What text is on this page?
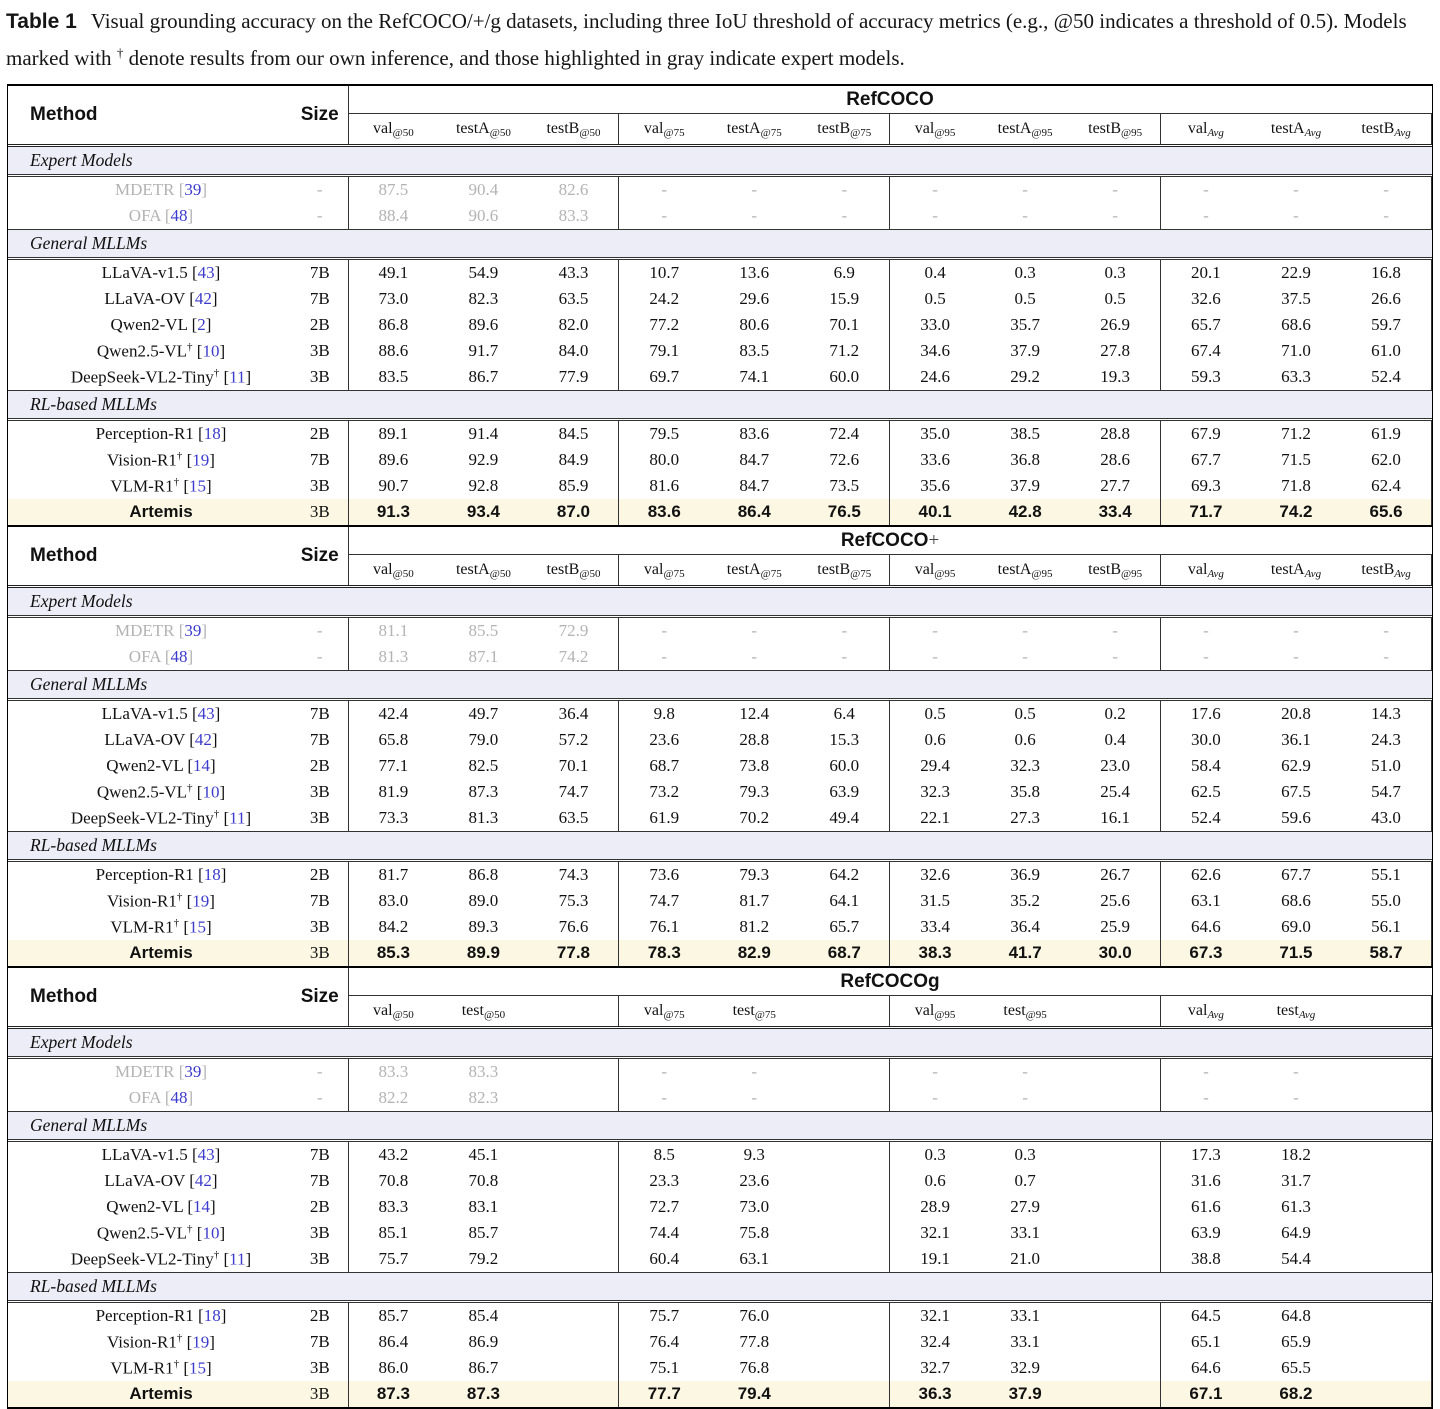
Table 1 Visual grounding accuracy on the RefCOCO/+/g datasets, including three IoU threshold of accuracy metrics (e.g., @50 indicates a threshold of 0.5). Models marked with † denote results from our own inference, and those highlighted in gray indicate expert models.
Method	Size	RefCOCO											
		val$_{@50}$	testA$_{@50}$	testB$_{@50}$	val$_{@75}$	testA$_{@75}$	testB$_{@75}$	val$_{@95}$	testA$_{@95}$	testB$_{@95}$	val$_{Avg}$	testA$_{Avg}$	testB$_{Avg}$
Expert Models													
MDETR [39]	-	87.5	90.4	82.6	-	-	-	-	-	-	-	-	-
OFA [48]	-	88.4	90.6	83.3	-	-	-	-	-	-	-	-	-
General MLLMs													
LLaVA-v1.5 [43]	7B	49.1	54.9	43.3	10.7	13.6	6.9	0.4	0.3	0.3	20.1	22.9	16.8
LLaVA-OV [42]	7B	73.0	82.3	63.5	24.2	29.6	15.9	0.5	0.5	0.5	32.6	37.5	26.6
Qwen2-VL [2]	2B	86.8	89.6	82.0	77.2	80.6	70.1	33.0	35.7	26.9	65.7	68.6	59.7
Qwen2.5-VL† [10]	3B	88.6	91.7	84.0	79.1	83.5	71.2	34.6	37.9	27.8	67.4	71.0	61.0
DeepSeek-VL2-Tiny† [11]	3B	83.5	86.7	77.9	69.7	74.1	60.0	24.6	29.2	19.3	59.3	63.3	52.4
RL-based MLLMs													
Perception-R1 [18]	2B	89.1	91.4	84.5	79.5	83.6	72.4	35.0	38.5	28.8	67.9	71.2	61.9
Vision-R1† [19]	7B	89.6	92.9	84.9	80.0	84.7	72.6	33.6	36.8	28.6	67.7	71.5	62.0
VLM-R1† [15]	3B	90.7	92.8	85.9	81.6	84.7	73.5	35.6	37.9	27.7	69.3	71.8	62.4
Artemis	3B	91.3	93.4	87.0	83.6	86.4	76.5	40.1	42.8	33.4	71.7	74.2	65.6
Method	Size	RefCOCO+											
		val$_{@50}$	testA$_{@50}$	testB$_{@50}$	val$_{@75}$	testA$_{@75}$	testB$_{@75}$	val$_{@95}$	testA$_{@95}$	testB$_{@95}$	val$_{Avg}$	testA$_{Avg}$	testB$_{Avg}$
Expert Models													
MDETR [39]	-	81.1	85.5	72.9	-	-	-	-	-	-	-	-	-
OFA [48]	-	81.3	87.1	74.2	-	-	-	-	-	-	-	-	-
General MLLMs													
LLaVA-v1.5 [43]	7B	42.4	49.7	36.4	9.8	12.4	6.4	0.5	0.5	0.2	17.6	20.8	14.3
LLaVA-OV [42]	7B	65.8	79.0	57.2	23.6	28.8	15.3	0.6	0.6	0.4	30.0	36.1	24.3
Qwen2-VL [14]	2B	77.1	82.5	70.1	68.7	73.8	60.0	29.4	32.3	23.0	58.4	62.9	51.0
Qwen2.5-VL† [10]	3B	81.9	87.3	74.7	73.2	79.3	63.9	32.3	35.8	25.4	62.5	67.5	54.7
DeepSeek-VL2-Tiny† [11]	3B	73.3	81.3	63.5	61.9	70.2	49.4	22.1	27.3	16.1	52.4	59.6	43.0
RL-based MLLMs													
Perception-R1 [18]	2B	81.7	86.8	74.3	73.6	79.3	64.2	32.6	36.9	26.7	62.6	67.7	55.1
Vision-R1† [19]	7B	83.0	89.0	75.3	74.7	81.7	64.1	31.5	35.2	25.6	63.1	68.6	55.0
VLM-R1† [15]	3B	84.2	89.3	76.6	76.1	81.2	65.7	33.4	36.4	25.9	64.6	69.0	56.1
Artemis	3B	85.3	89.9	77.8	78.3	82.9	68.7	38.3	41.7	30.0	67.3	71.5	58.7
Method	Size	RefCOCOg											
		val$_{@50}$	test$_{@50}$		val$_{@75}$	test$_{@75}$		val$_{@95}$	test$_{@95}$		val$_{Avg}$	test$_{Avg}$	
Expert Models													
MDETR [39]	-	83.3	83.3		-	-		-	-		-	-	
OFA [48]	-	82.2	82.3		-	-		-	-		-	-	
General MLLMs													
LLaVA-v1.5 [43]	7B	43.2	45.1		8.5	9.3		0.3	0.3		17.3	18.2	
LLaVA-OV [42]	7B	70.8	70.8		23.3	23.6		0.6	0.7		31.6	31.7	
Qwen2-VL [14]	2B	83.3	83.1		72.7	73.0		28.9	27.9		61.6	61.3	
Qwen2.5-VL† [10]	3B	85.1	85.7		74.4	75.8		32.1	33.1		63.9	64.9	
DeepSeek-VL2-Tiny† [11]	3B	75.7	79.2		60.4	63.1		19.1	21.0		38.8	54.4	
RL-based MLLMs													
Perception-R1 [18]	2B	85.7	85.4		75.7	76.0		32.1	33.1		64.5	64.8	
Vision-R1† [19]	7B	86.4	86.9		76.4	77.8		32.4	33.1		65.1	65.9	
VLM-R1† [15]	3B	86.0	86.7		75.1	76.8		32.7	32.9		64.6	65.5	
Artemis	3B	87.3	87.3		77.7	79.4		36.3	37.9		67.1	68.2	
